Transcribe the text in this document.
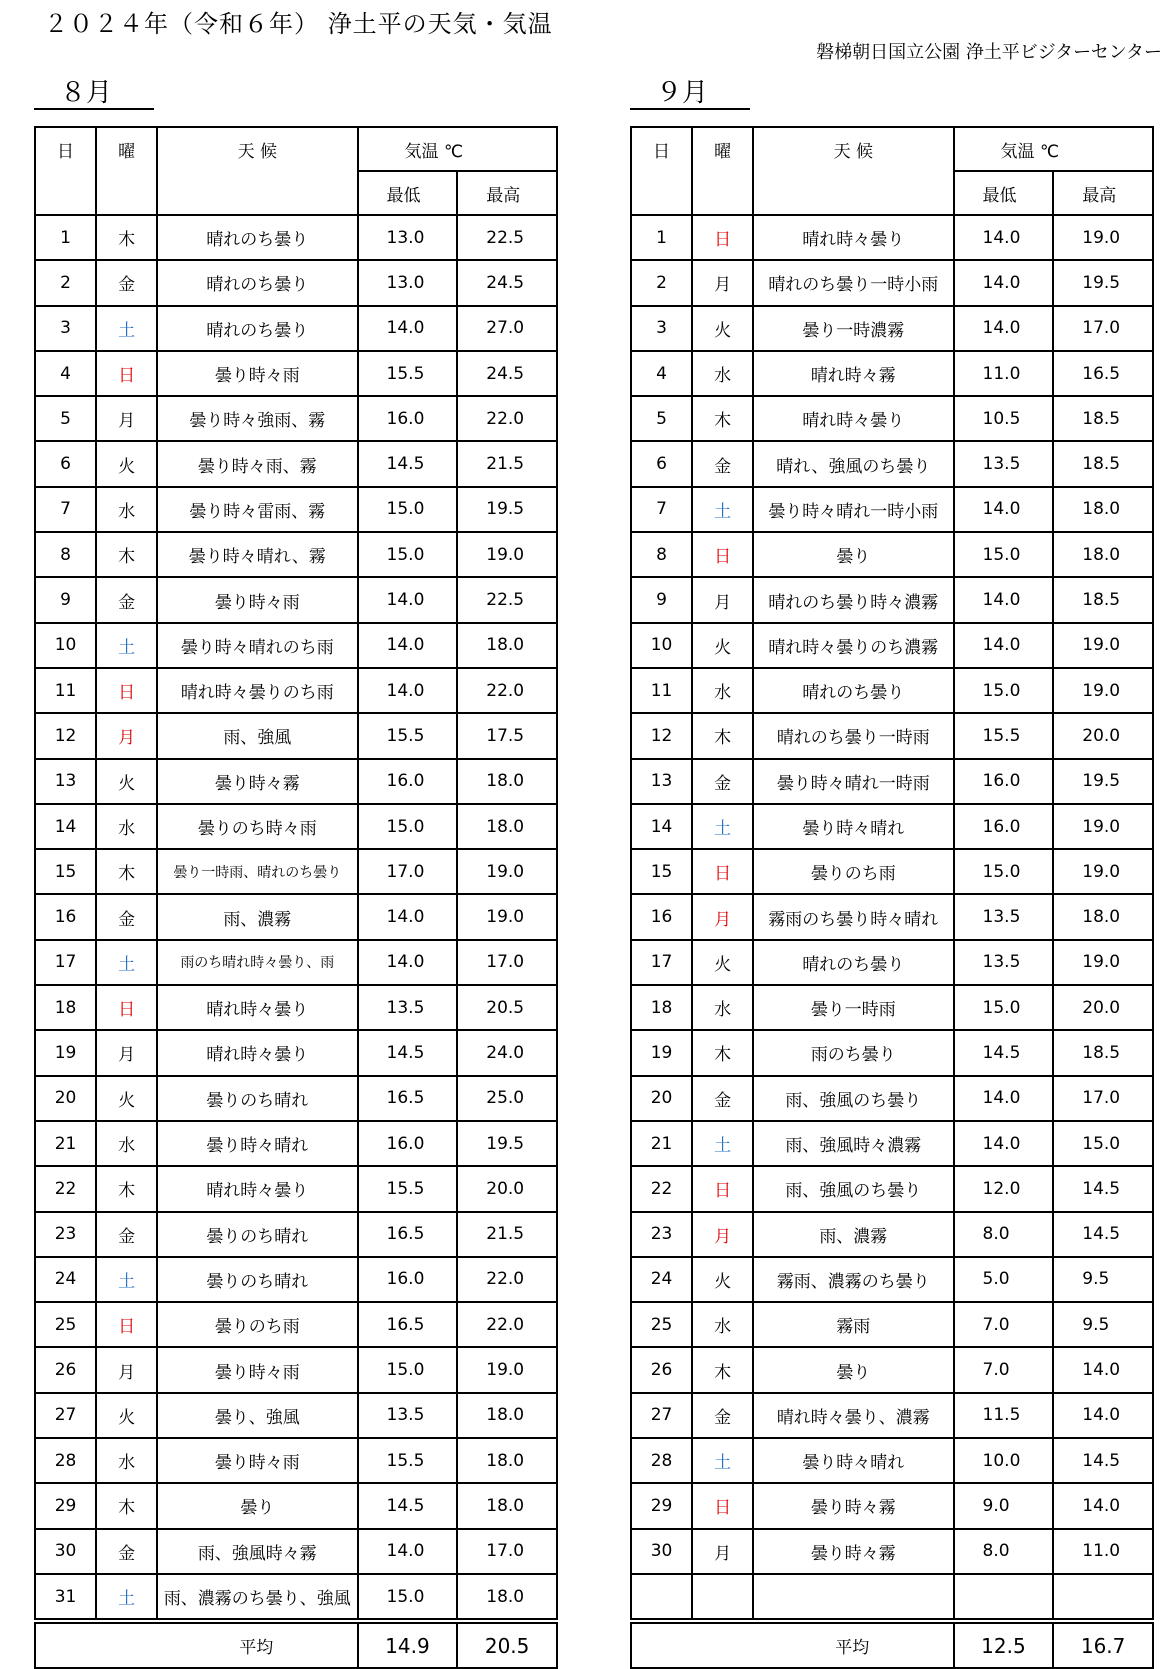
２０２４年（令和６年） 浄土平の天気・気温
磐梯朝日国立公園 浄土平ビジターセンター
８月	９月
日	曜	天 候	気温 ℃	
			最低	最高
1	木	晴れのち曇り	13.0	22.5
2	金	晴れのち曇り	13.0	24.5
3	土	晴れのち曇り	14.0	27.0
4	日	曇り時々雨	15.5	24.5
5	月	曇り時々強雨、霧	16.0	22.0
6	火	曇り時々雨、霧	14.5	21.5
7	水	曇り時々雷雨、霧	15.0	19.5
8	木	曇り時々晴れ、霧	15.0	19.0
9	金	曇り時々雨	14.0	22.5
10	土	曇り時々晴れのち雨	14.0	18.0
11	日	晴れ時々曇りのち雨	14.0	22.0
12	月	雨、強風	15.5	17.5
13	火	曇り時々霧	16.0	18.0
14	水	曇りのち時々雨	15.0	18.0
15	木	曇り一時雨、晴れのち曇り	17.0	19.0
16	金	雨、濃霧	14.0	19.0
17	土	雨のち晴れ時々曇り、雨	14.0	17.0
18	日	晴れ時々曇り	13.5	20.5
19	月	晴れ時々曇り	14.5	24.0
20	火	曇りのち晴れ	16.5	25.0
21	水	曇り時々晴れ	16.0	19.5
22	木	晴れ時々曇り	15.5	20.0
23	金	曇りのち晴れ	16.5	21.5
24	土	曇りのち晴れ	16.0	22.0
25	日	曇りのち雨	16.5	22.0
26	月	曇り時々雨	15.0	19.0
27	火	曇り、強風	13.5	18.0
28	水	曇り時々雨	15.5	18.0
29	木	曇り	14.5	18.0
30	金	雨、強風時々霧	14.0	17.0
31	土	雨、濃霧のち曇り、強風	15.0	18.0
平均			14.9	20.5
日	曜	天 候	気温 ℃	
			最低	最高
1	日	晴れ時々曇り	14.0	19.0
2	月	晴れのち曇り一時小雨	14.0	19.5
3	火	曇り一時濃霧	14.0	17.0
4	水	晴れ時々霧	11.0	16.5
5	木	晴れ時々曇り	10.5	18.5
6	金	晴れ、強風のち曇り	13.5	18.5
7	土	曇り時々晴れ一時小雨	14.0	18.0
8	日	曇り	15.0	18.0
9	月	晴れのち曇り時々濃霧	14.0	18.5
10	火	晴れ時々曇りのち濃霧	14.0	19.0
11	水	晴れのち曇り	15.0	19.0
12	木	晴れのち曇り一時雨	15.5	20.0
13	金	曇り時々晴れ一時雨	16.0	19.5
14	土	曇り時々晴れ	16.0	19.0
15	日	曇りのち雨	15.0	19.0
16	月	霧雨のち曇り時々晴れ	13.5	18.0
17	火	晴れのち曇り	13.5	19.0
18	水	曇り一時雨	15.0	20.0
19	木	雨のち曇り	14.5	18.5
20	金	雨、強風のち曇り	14.0	17.0
21	土	雨、強風時々濃霧	14.0	15.0
22	日	雨、強風のち曇り	12.0	14.5
23	月	雨、濃霧	8.0	14.5
24	火	霧雨、濃霧のち曇り	5.0	9.5
25	水	霧雨	7.0	9.5
26	木	曇り	7.0	14.0
27	金	晴れ時々曇り、濃霧	11.5	14.0
28	土	曇り時々晴れ	10.0	14.5
29	日	曇り時々霧	9.0	14.0
30	月	曇り時々霧	8.0	11.0

平均			12.5	16.7
